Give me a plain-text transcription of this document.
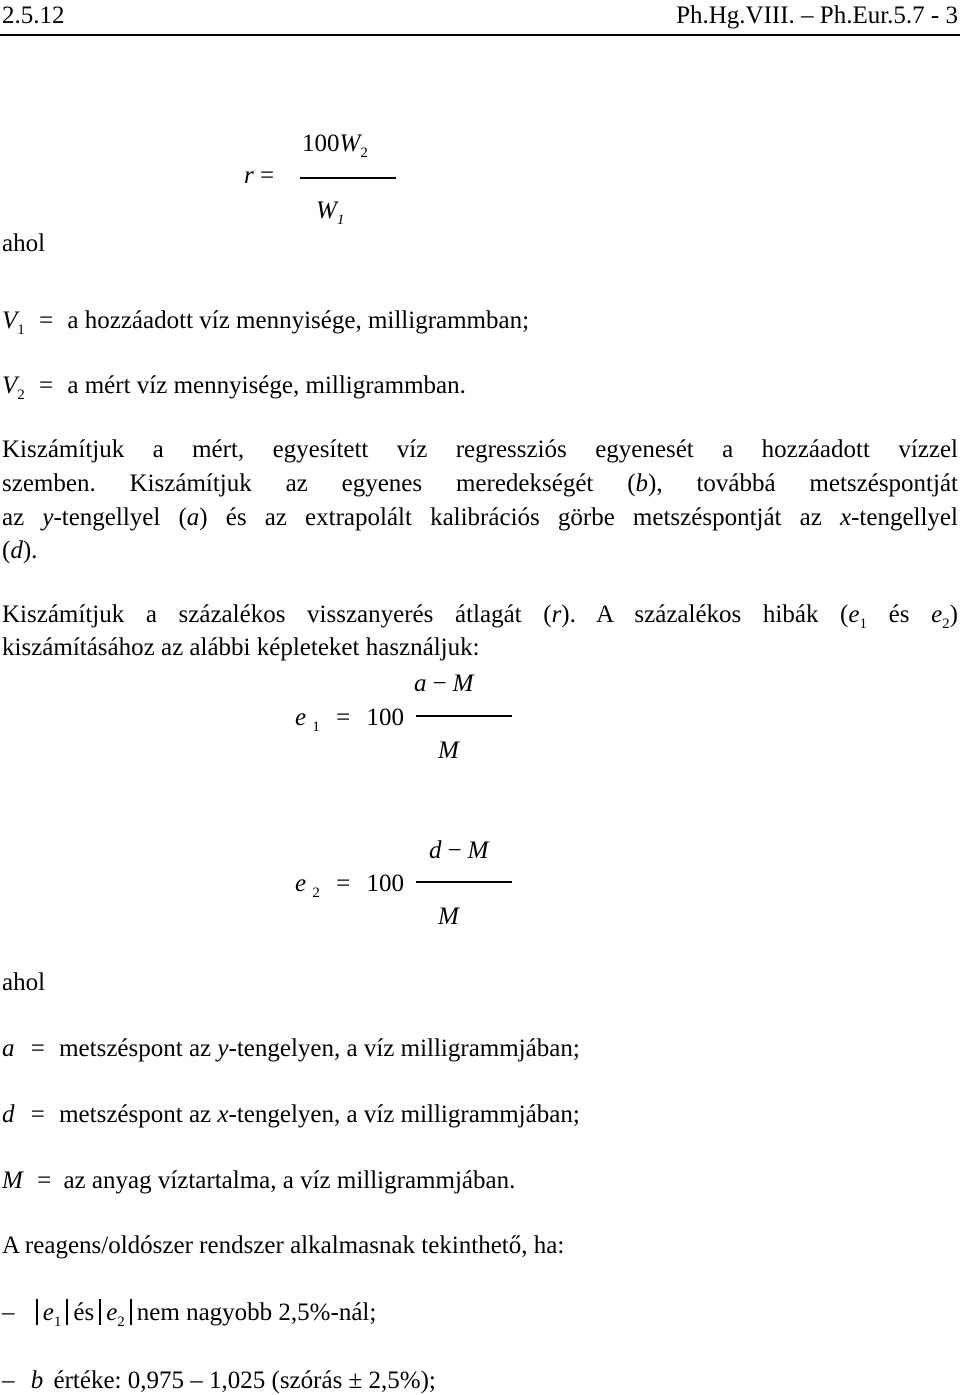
2.5.12	Ph.Hg.VIII. – Ph.Eur.5.7 - 3
r =
$100W_2$
$W_1$
ahol
$V_1 = a$ hozzáadott víz mennyisége, milligrammban;
$V_2 = a$ mért víz mennyisége, milligrammban.
Kiszámítjuk a mért, egyesített víz regressziós egyenesét a hozzáadott vízzel
szemben. Kiszámítjuk az egyenes meredekségét (b), továbbá metszéspontját
az y-tengellyel (a) és az extrapolált kalibrációs görbe metszéspontját az x-tengellyel
(d).
Kiszámítjuk a százalékos visszanyerés átlagát (r). A százalékos hibák ($e_1$ és $e_2$)
kiszámításához az alábbi képleteket használjuk:
a − M
e $_1$ = 100
M
d − M
e $_2$ = 100
M
ahol
a = metszéspont az y-tengelyen, a víz milligrammjában;
d = metszéspont az x-tengelyen, a víz milligrammjában;
M = az anyag víztartalma, a víz milligrammjában.
A reagens/oldószer rendszer alkalmasnak tekinthető, ha:
– $e_1$ és $e_2$ nem nagyobb 2,5%-nál;
– b értéke: 0,975 – 1,025 (szórás ± 2,5%);
